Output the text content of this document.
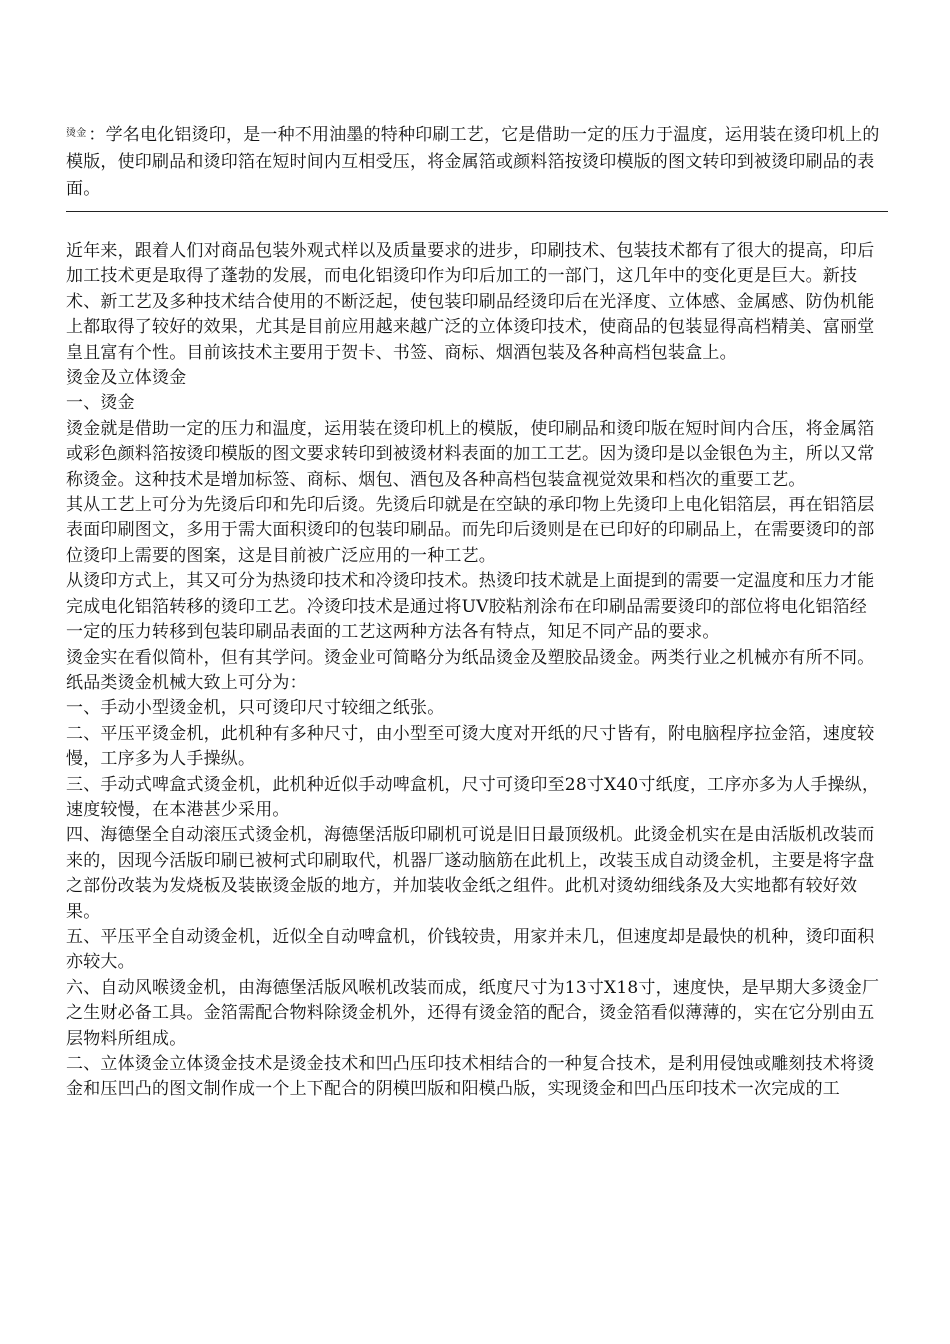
$^{烫金}$ ：学名电化铝烫印，是一种不用油墨的特种印刷工艺，它是借助一定的压力于温度，运用装在烫印机上的模版，使印刷品和烫印箔在短时间内互相受压，将金属箔或颜料箔按烫印模版的图文转印到被烫印刷品的表面。

近年来，跟着人们对商品包装外观式样以及质量要求的进步，印刷技术、包装技术都有了很大的提高，印后加工技术更是取得了蓬勃的发展，而电化铝烫印作为印后加工的一部门，这几年中的变化更是巨大。新技术、新工艺及多种技术结合使用的不断泛起，使包装印刷品经烫印后在光泽度、立体感、金属感、防伪机能上都取得了较好的效果，尤其是目前应用越来越广泛的立体烫印技术，使商品的包装显得高档精美、富丽堂皇且富有个性。目前该技术主要用于贺卡、书签、商标、烟酒包装及各种高档包装盒上。

烫金及立体烫金

一、烫金

烫金就是借助一定的压力和温度，运用装在烫印机上的模版，使印刷品和烫印版在短时间内合压，将金属箔或彩色颜料箔按烫印模版的图文要求转印到被烫材料表面的加工工艺。因为烫印是以金银色为主，所以又常称烫金。这种技术是增加标签、商标、烟包、酒包及各种高档包装盒视觉效果和档次的重要工艺。

其从工艺上可分为先烫后印和先印后烫。先烫后印就是在空缺的承印物上先烫印上电化铝箔层，再在铝箔层表面印刷图文，多用于需大面积烫印的包装印刷品。而先印后烫则是在已印好的印刷品上，在需要烫印的部位烫印上需要的图案，这是目前被广泛应用的一种工艺。

从烫印方式上，其又可分为热烫印技术和冷烫印技术。热烫印技术就是上面提到的需要一定温度和压力才能完成电化铝箔转移的烫印工艺。冷烫印技术是通过将UV胶粘剂涂布在印刷品需要烫印的部位将电化铝箔经一定的压力转移到包装印刷品表面的工艺这两种方法各有特点，知足不同产品的要求。

烫金实在看似简朴，但有其学问。烫金业可简略分为纸品烫金及塑胶品烫金。两类行业之机械亦有所不同。

纸品类烫金机械大致上可分为：

一、手动小型烫金机，只可烫印尺寸较细之纸张。

二、平压平烫金机，此机种有多种尺寸，由小型至可烫大度对开纸的尺寸皆有，附电脑程序拉金箔，速度较慢，工序多为人手操纵。

三、手动式啤盒式烫金机，此机种近似手动啤盒机，尺寸可烫印至28寸X40寸纸度，工序亦多为人手操纵，速度较慢，在本港甚少采用。

四、海德堡全自动滚压式烫金机，海德堡活版印刷机可说是旧日最顶级机。此烫金机实在是由活版机改装而来的，因现今活版印刷已被柯式印刷取代，机器厂遂动脑筋在此机上，改装玉成自动烫金机，主要是将字盘之部份改装为发烧板及装嵌烫金版的地方，并加装收金纸之组件。此机对烫幼细线条及大实地都有较好效果。

五、平压平全自动烫金机，近似全自动啤盒机，价钱较贵，用家并未几，但速度却是最快的机种，烫印面积亦较大。

六、自动风喉烫金机，由海德堡活版风喉机改装而成，纸度尺寸为13寸X18寸，速度快，是早期大多烫金厂之生财必备工具。金箔需配合物料除烫金机外，还得有烫金箔的配合，烫金箔看似薄薄的，实在它分别由五层物料所组成。

二、立体烫金立体烫金技术是烫金技术和凹凸压印技术相结合的一种复合技术，是利用侵蚀或雕刻技术将烫金和压凹凸的图文制作成一个上下配合的阴模凹版和阳模凸版，实现烫金和凹凸压印技术一次完成的工
